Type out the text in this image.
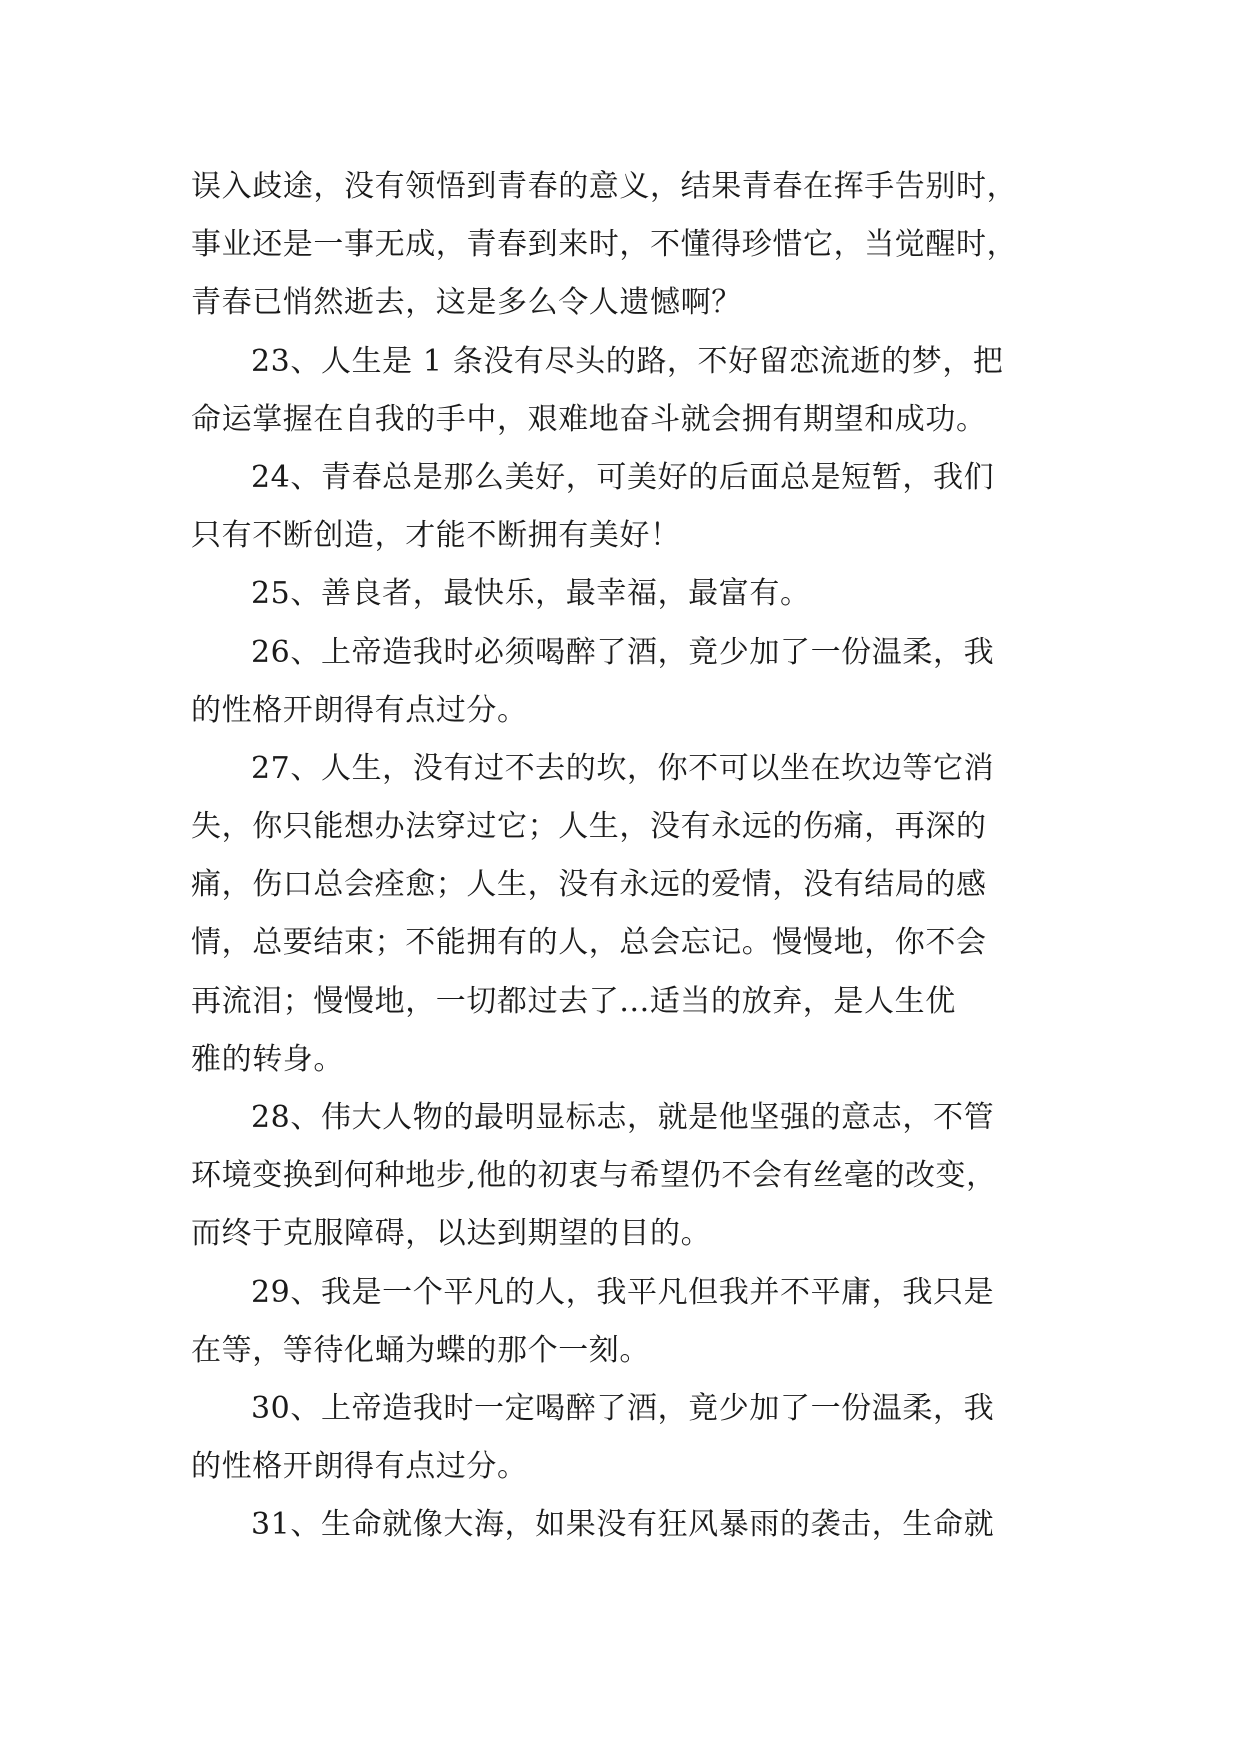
误入歧途，没有领悟到青春的意义，结果青春在挥手告别时，
事业还是一事无成，青春到来时，不懂得珍惜它，当觉醒时，
青春已悄然逝去，这是多么令人遗憾啊？
23、人生是 1 条没有尽头的路，不好留恋流逝的梦，把
命运掌握在自我的手中，艰难地奋斗就会拥有期望和成功。
24、青春总是那么美好，可美好的后面总是短暂，我们
只有不断创造，才能不断拥有美好！
25、善良者，最快乐，最幸福，最富有。
26、上帝造我时必须喝醉了酒，竟少加了一份温柔，我
的性格开朗得有点过分。
27、人生，没有过不去的坎，你不可以坐在坎边等它消
失，你只能想办法穿过它；人生，没有永远的伤痛，再深的
痛，伤口总会痊愈；人生，没有永远的爱情，没有结局的感
情，总要结束；不能拥有的人，总会忘记。慢慢地，你不会
再流泪；慢慢地，一切都过去了...适当的放弃，是人生优
雅的转身。
28、伟大人物的最明显标志，就是他坚强的意志，不管
环境变换到何种地步,他的初衷与希望仍不会有丝毫的改变，
而终于克服障碍，以达到期望的目的。
29、我是一个平凡的人，我平凡但我并不平庸，我只是
在等，等待化蛹为蝶的那个一刻。
30、上帝造我时一定喝醉了酒，竟少加了一份温柔，我
的性格开朗得有点过分。
31、生命就像大海，如果没有狂风暴雨的袭击，生命就
